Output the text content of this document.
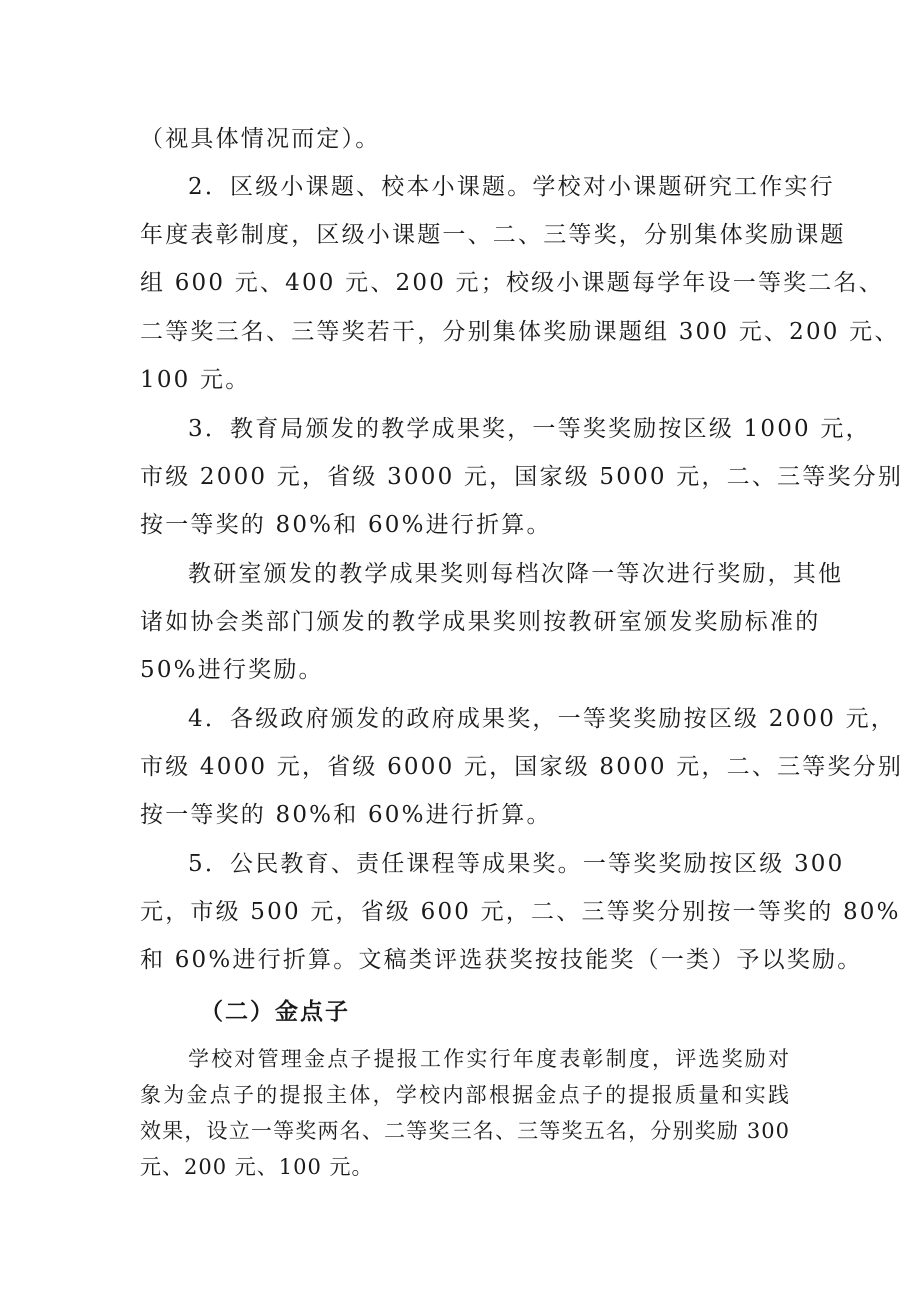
（视具体情况而定）。
2．区级小课题、校本小课题。学校对小课题研究工作实行
年度表彰制度，区级小课题一、二、三等奖，分别集体奖励课题
组 600 元、400 元、200 元；校级小课题每学年设一等奖二名、
二等奖三名、三等奖若干，分别集体奖励课题组 300 元、200 元、
100 元。
3．教育局颁发的教学成果奖，一等奖奖励按区级 1000 元，
市级 2000 元，省级 3000 元，国家级 5000 元，二、三等奖分别
按一等奖的 80%和 60%进行折算。
教研室颁发的教学成果奖则每档次降一等次进行奖励，其他
诸如协会类部门颁发的教学成果奖则按教研室颁发奖励标准的
50%进行奖励。
4．各级政府颁发的政府成果奖，一等奖奖励按区级 2000 元，
市级 4000 元，省级 6000 元，国家级 8000 元，二、三等奖分别
按一等奖的 80%和 60%进行折算。
5．公民教育、责任课程等成果奖。一等奖奖励按区级 300
元，市级 500 元，省级 600 元，二、三等奖分别按一等奖的 80%
和 60%进行折算。文稿类评选获奖按技能奖（一类）予以奖励。
（二）金点子
学校对管理金点子提报工作实行年度表彰制度，评选奖励对
象为金点子的提报主体，学校内部根据金点子的提报质量和实践
效果，设立一等奖两名、二等奖三名、三等奖五名，分别奖励 300
元、200 元、100 元。
